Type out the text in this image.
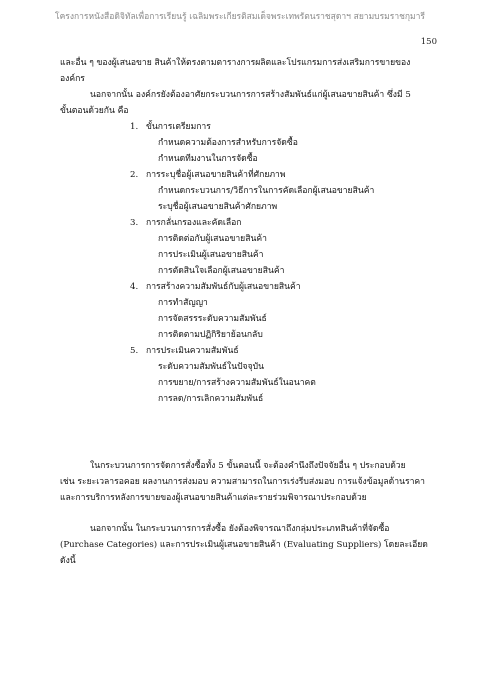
โครงการหนังสือดิจิทัลเพื่อการเรียนรู้ เฉลิมพระเกียรติสมเด็จพระเทพรัตนราชสุดาฯ สยามบรมราชกุมารี
150
และอื่น ๆ ของผู้เสนอขาย สินค้าให้ตรงตามตารางการผลิตและโปรแกรมการส่งเสริมการขายของ
องค์กร
นอกจากนั้น องค์กรยังต้องอาศัยกระบวนการการสร้างสัมพันธ์แก่ผู้เสนอขายสินค้า ซึ่งมี 5
ขั้นตอนด้วยกัน คือ
1. ขั้นการเตรียมการ
กำหนดความต้องการสำหรับการจัดซื้อ
กำหนดทีมงานในการจัดซื้อ
2. การระบุชื่อผู้เสนอขายสินค้าที่ศักยภาพ
กำหนดกระบวนการ/วิธีการในการคัดเลือกผู้เสนอขายสินค้า
ระบุชื่อผู้เสนอขายสินค้าศักยภาพ
3. การกลั่นกรองและคัดเลือก
การติดต่อกับผู้เสนอขายสินค้า
การประเมินผู้เสนอขายสินค้า
การตัดสินใจเลือกผู้เสนอขายสินค้า
4. การสร้างความสัมพันธ์กับผู้เสนอขายสินค้า
การทำสัญญา
การจัดสรรระดับความสัมพันธ์
การติดตามปฏิกิริยาย้อนกลับ
5. การประเมินความสัมพันธ์
ระดับความสัมพันธ์ในปัจจุบัน
การขยาย/การสร้างความสัมพันธ์ในอนาคต
การลด/การเลิกความสัมพันธ์
ในกระบวนการการจัดการสั่งซื้อทั้ง 5 ขั้นตอนนี้ จะต้องคำนึงถึงปัจจัยอื่น ๆ ประกอบด้วย
เช่น ระยะเวลารอคอย ผลงานการส่งมอบ ความสามารถในการเร่งรีบส่งมอบ การแจ้งข้อมูลด้านราคา
และการบริการหลังการขายของผู้เสนอขายสินค้าแต่ละรายร่วมพิจารณาประกอบด้วย
นอกจากนั้น ในกระบวนการการสั่งซื้อ ยังต้องพิจารณาถึงกลุ่มประเภทสินค้าที่จัดซื้อ
(Purchase Categories) และการประเมินผู้เสนอขายสินค้า (Evaluating Suppliers) โดยละเอียด ดังนี้
